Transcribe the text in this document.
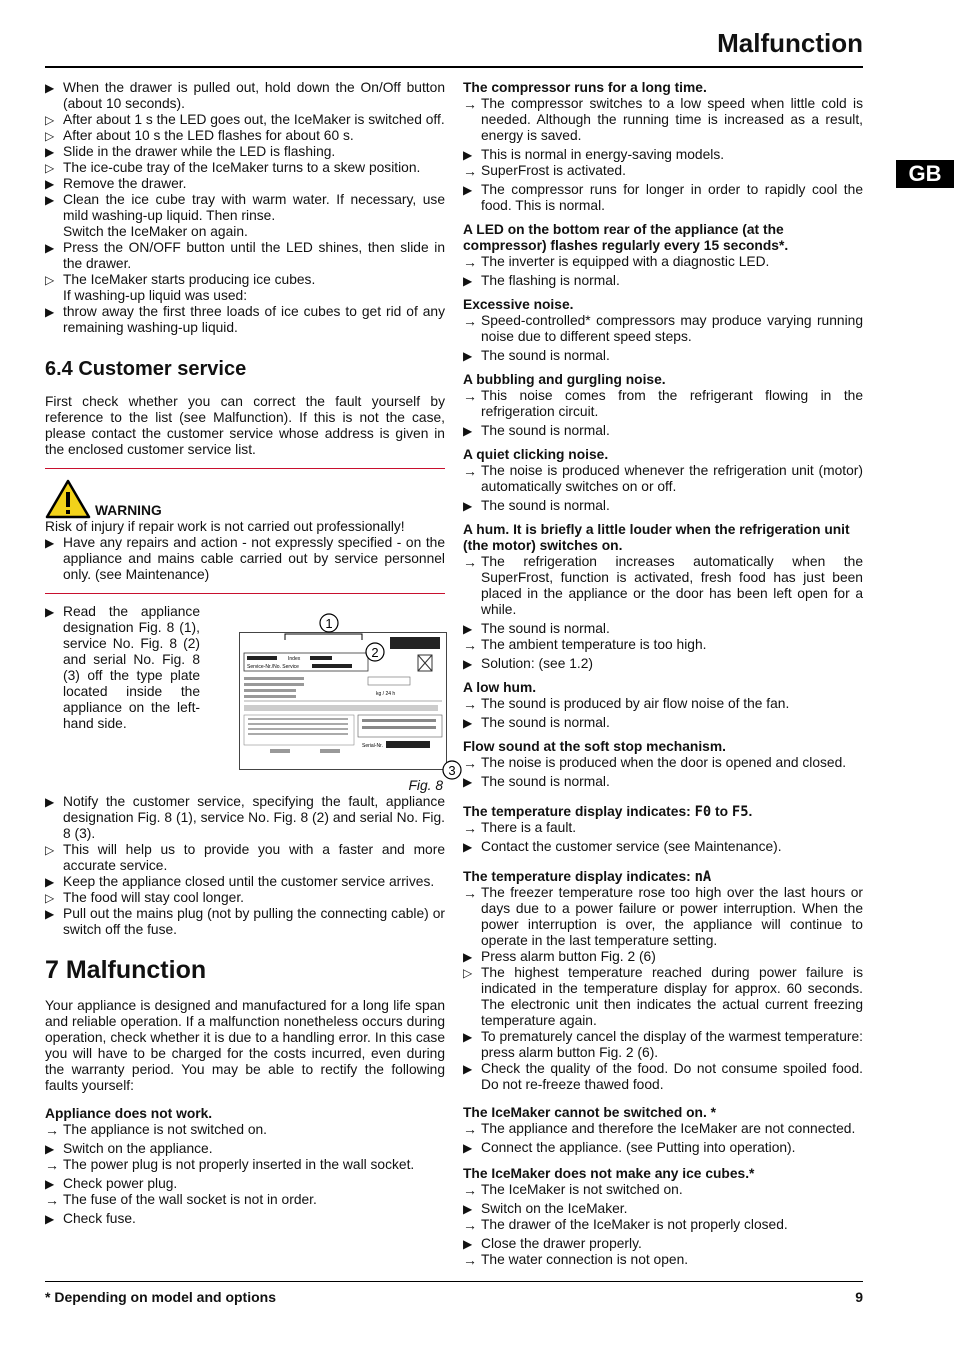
Malfunction
GB
▶ When the drawer is pulled out, hold down the On/Off button (about 10 seconds).
▷ After about 1 s the LED goes out, the IceMaker is switched off.
▷ After about 10 s the LED flashes for about 60 s.
▶ Slide in the drawer while the LED is flashing.
▷ The ice-cube tray of the IceMaker turns to a skew position.
▶ Remove the drawer.
▶ Clean the ice cube tray with warm water. If necessary, use mild washing-up liquid. Then rinse.
Switch the IceMaker on again.
▶ Press the ON/OFF button until the LED shines, then slide in the drawer.
▷ The IceMaker starts producing ice cubes.
If washing-up liquid was used:
▶ throw away the first three loads of ice cubes to get rid of any remaining washing-up liquid.
6.4 Customer service
First check whether you can correct the fault yourself by reference to the list (see Malfunction). If this is not the case, please contact the customer service whose address is given in the enclosed customer service list.
WARNING
Risk of injury if repair work is not carried out professionally!
▶ Have any repairs and action - not expressly specified - on the appliance and mains cable carried out by service personnel only. (see Maintenance)
▶ Read the appliance designation Fig. 8 (1), service No. Fig. 8 (2) and serial No. Fig. 8 (3) off the type plate located inside the appliance on the left-hand side.
Index
Service-Nr./No. Service
kg / 24 h
Serial-Nr.
1
2
3
Fig. 8
▶ Notify the customer service, specifying the fault, appliance designation Fig. 8 (1), service No. Fig. 8 (2) and serial No. Fig. 8 (3).
▷ This will help us to provide you with a faster and more accurate service.
▶ Keep the appliance closed until the customer service arrives.
▷ The food will stay cool longer.
▶ Pull out the mains plug (not by pulling the connecting cable) or switch off the fuse.
7 Malfunction
Your appliance is designed and manufactured for a long life span and reliable operation. If a malfunction nonetheless occurs during operation, check whether it is due to a handling error. In this case you will have to be charged for the costs incurred, even during the warranty period. You may be able to rectify the following faults yourself:
Appliance does not work.
→ The appliance is not switched on.
▶ Switch on the appliance.
→ The power plug is not properly inserted in the wall socket.
▶ Check power plug.
→ The fuse of the wall socket is not in order.
▶ Check fuse.
The compressor runs for a long time.
→ The compressor switches to a low speed when little cold is needed. Although the running time is increased as a result, energy is saved.
▶ This is normal in energy-saving models.
→ SuperFrost is activated.
▶ The compressor runs for longer in order to rapidly cool the food. This is normal.
A LED on the bottom rear of the appliance (at the compressor) flashes regularly every 15 seconds*.
→ The inverter is equipped with a diagnostic LED.
▶ The flashing is normal.
Excessive noise.
→ Speed-controlled* compressors may produce varying running noise due to different speed steps.
▶ The sound is normal.
A bubbling and gurgling noise.
→ This noise comes from the refrigerant flowing in the refrigeration circuit.
▶ The sound is normal.
A quiet clicking noise.
→ The noise is produced whenever the refrigeration unit (motor) automatically switches on or off.
▶ The sound is normal.
A hum. It is briefly a little louder when the refrigeration unit (the motor) switches on.
→ The refrigeration increases automatically when the SuperFrost, function is activated, fresh food has just been placed in the appliance or the door has been left open for a while.
▶ The sound is normal.
→ The ambient temperature is too high.
▶ Solution: (see 1.2)
A low hum.
→ The sound is produced by air flow noise of the fan.
▶ The sound is normal.
Flow sound at the soft stop mechanism.
→ The noise is produced when the door is opened and closed.
▶ The sound is normal.
The temperature display indicates: F0 to F5.
→ There is a fault.
▶ Contact the customer service (see Maintenance).
The temperature display indicates: nA
→ The freezer temperature rose too high over the last hours or days due to a power failure or power interruption. When the power interruption is over, the appliance will continue to operate in the last temperature setting.
▶ Press alarm button Fig. 2 (6)
▷ The highest temperature reached during power failure is indicated in the temperature display for approx. 60 seconds. The electronic unit then indicates the actual current freezing temperature again.
▶ To prematurely cancel the display of the warmest temperature: press alarm button Fig. 2 (6).
▶ Check the quality of the food. Do not consume spoiled food. Do not re-freeze thawed food.
The IceMaker cannot be switched on. *
→ The appliance and therefore the IceMaker are not connected.
▶ Connect the appliance. (see Putting into operation).
The IceMaker does not make any ice cubes.*
→ The IceMaker is not switched on.
▶ Switch on the IceMaker.
→ The drawer of the IceMaker is not properly closed.
▶ Close the drawer properly.
→ The water connection is not open.
* Depending on model and options	9
